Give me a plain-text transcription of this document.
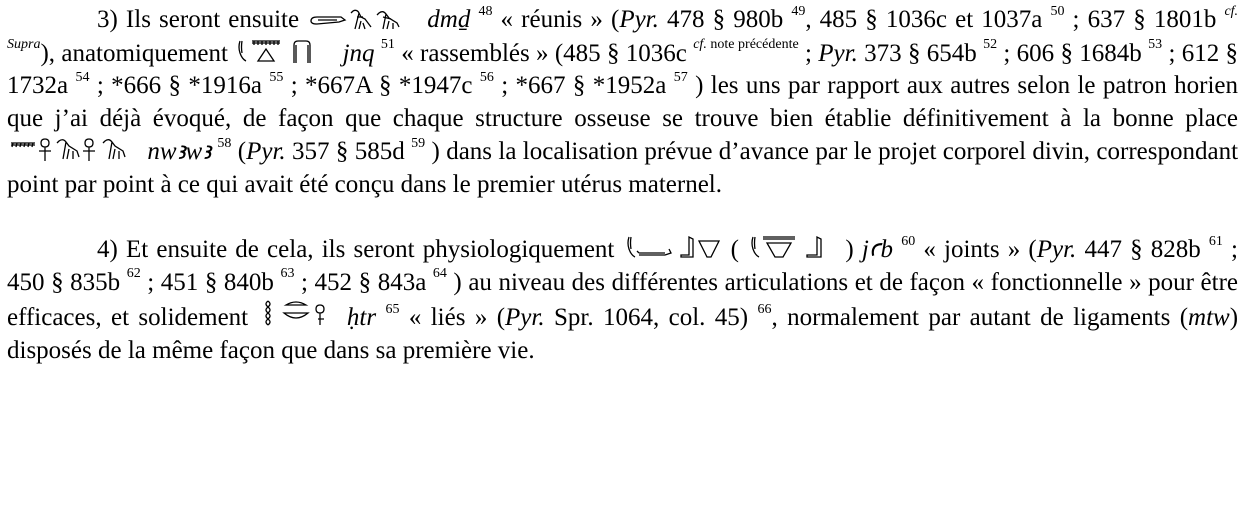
3) Ils seront ensuite	dmḏ $^{48}$ « réunis » (Pyr. 478 § 980b $^{49}$, 485 § 1036c et 1037a $^{50}$ ; 637 § 1801b $^{cf. Supra}$), anatomiquement	jnq $^{51}$ « rassemblés » (485 § 1036c $^{cf. note précédente}$ ; Pyr. 373 § 654b $^{52}$ ; 606 § 1684b $^{53}$ ; 612 § 1732a $^{54}$ ; *666 § *1916a $^{55}$ ; *667A § *1947c $^{56}$ ; *667 § *1952a $^{57}$ ) les uns par rapport aux autres selon le patron horien que j’ai déjà évoqué, de façon que chaque structure osseuse se trouve bien établie définitivement à la bonne place
nwꜣwꜣ $^{58}$ (Pyr. 357 § 585d $^{59}$ ) dans la localisation prévue d’avance par le projet corporel divin, correspondant point par point à ce qui avait été conçu dans le premier utérus maternel.

4) Et ensuite de cela, ils seront physiologiquement	(	) jꜥb $^{60}$ « joints » (Pyr. 447 § 828b $^{61}$ ; 450 § 835b $^{62}$ ; 451 § 840b $^{63}$ ; 452 § 843a $^{64}$ ) au niveau des différentes articulations et de façon « fonctionnelle » pour être efficaces, et solidement	ḥtr $^{65}$ « liés » (Pyr. Spr. 1064, col. 45) $^{66}$, normalement par autant de ligaments (mtw) disposés de la même façon que dans sa première vie.
